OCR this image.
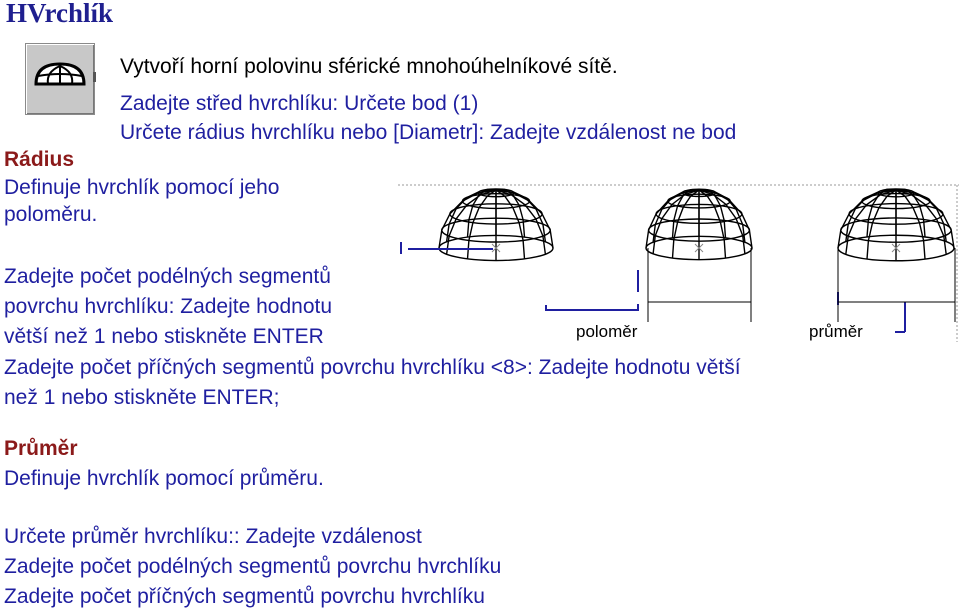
HVrchlík
Vytvoří horní polovinu sférické mnohoúhelníkové sítě.
Zadejte střed hvrchlíku: Určete bod (1)
Určete rádius hvrchlíku nebo [Diametr]: Zadejte vzdálenost ne bod
Rádius
Definuje hvrchlík pomocí jeho
poloměru.
Zadejte počet podélných segmentů
povrchu hvrchlíku: Zadejte hodnotu
větší než 1 nebo stiskněte ENTER
Zadejte počet příčných segmentů povrchu hvrchlíku <8>: Zadejte hodnotu větší
než 1 nebo stiskněte ENTER;
poloměr	průměr
Průměr
Definuje hvrchlík pomocí průměru.
Určete průměr hvrchlíku:: Zadejte vzdálenost
Zadejte počet podélných segmentů povrchu hvrchlíku
Zadejte počet příčných segmentů povrchu hvrchlíku
